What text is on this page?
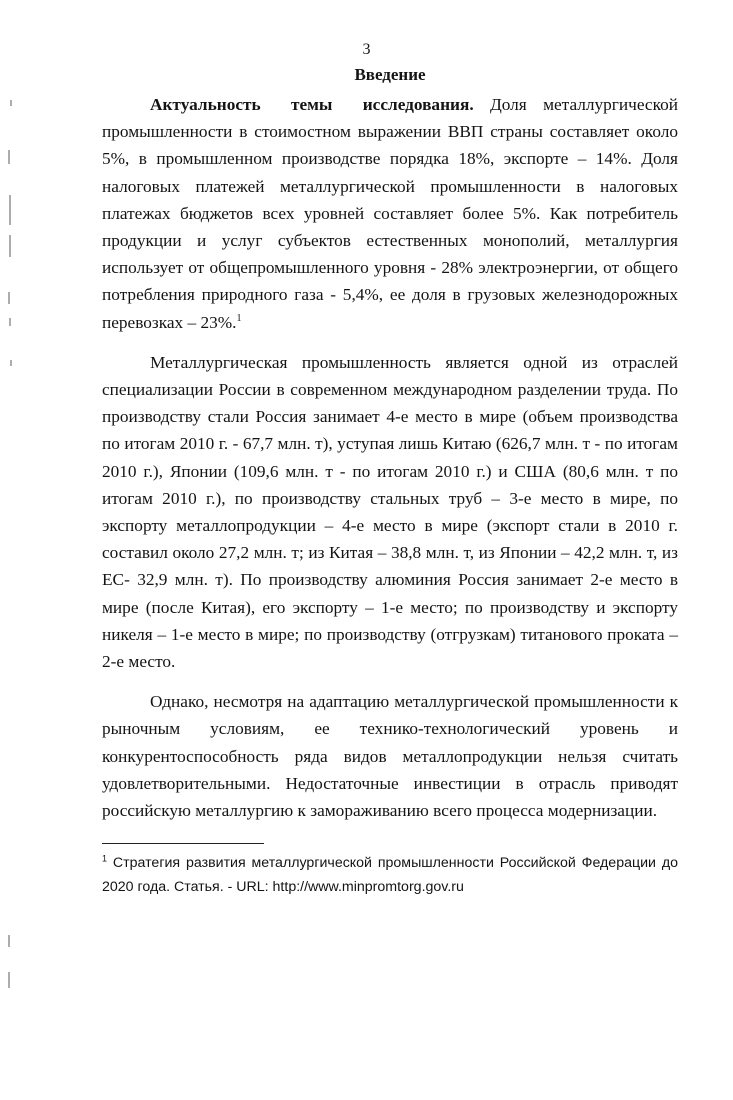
3
Введение

Актуальность темы исследования. Доля металлургической промышленности в стоимостном выражении ВВП страны составляет около 5%, в промышленном производстве порядка 18%, экспорте – 14%. Доля налоговых платежей металлургической промышленности в налоговых платежах бюджетов всех уровней составляет более 5%. Как потребитель продукции и услуг субъектов естественных монополий, металлургия использует от общепромышленного уровня - 28% электроэнергии, от общего потребления природного газа - 5,4%, ее доля в грузовых железнодорожных перевозках – 23%.$^1$

Металлургическая промышленность является одной из отраслей специализации России в современном международном разделении труда. По производству стали Россия занимает 4-е место в мире (объем производства по итогам 2010 г. - 67,7 млн. т), уступая лишь Китаю (626,7 млн. т - по итогам 2010 г.), Японии (109,6 млн. т - по итогам 2010 г.) и США (80,6 млн. т по итогам 2010 г.), по производству стальных труб – 3-е место в мире, по экспорту металлопродукции – 4-е место в мире (экспорт стали в 2010 г. составил около 27,2 млн. т; из Китая – 38,8 млн. т, из Японии – 42,2 млн. т, из ЕС- 32,9 млн. т). По производству алюминия Россия занимает 2-е место в мире (после Китая), его экспорту – 1-е место; по производству и экспорту никеля – 1-е место в мире; по производству (отгрузкам) титанового проката – 2-е место.

Однако, несмотря на адаптацию металлургической промышленности к рыночным условиям, ее технико-технологический уровень и конкурентоспособность ряда видов металлопродукции нельзя считать удовлетворительными. Недостаточные инвестиции в отрасль приводят российскую металлургию к замораживанию всего процесса модернизации.

$^1$ Стратегия развития металлургической промышленности Российской Федерации до 2020 года. Статья. - URL: http://www.minpromtorg.gov.ru
